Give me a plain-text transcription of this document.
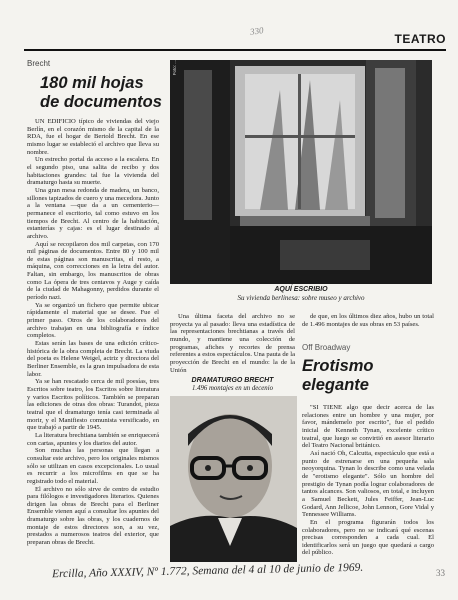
330
TEATRO
Brecht
180 mil hojas de documentos

UN EDIFICIO típico de viviendas del viejo Berlín, en el corazón mismo de la capital de la RDA, fue el hogar de Bertold Brecht. En ese mismo lugar se estableció el archivo que lleva su nombre.

Un estrecho portal da acceso a la escalera. En el segundo piso, una salita de recibo y dos habitaciones grandes: tal fue la vivienda del dramaturgo hasta su muerte.

Una gran mesa redonda de madera, un banco, sillones tapizados de cuero y una mecedora. Junto a la ventana —que da a un cementerio— permanece el escritorio, tal como estuvo en los tiempos de Brecht. Al centro de la habitación, estanterías y cajas: es el lugar destinado al archivo.

Aquí se recopilaron dos mil carpetas, con 170 mil páginas de documentos. Entre 80 y 100 mil de estas páginas son manuscritas, el resto, a máquina, con correcciones en la letra del autor. Faltan, sin embargo, los manuscritos de obras como La ópera de tres centavos y Auge y caída de la ciudad de Mahagonny, perdidos durante el período nazi.

Ya se organizó un fichero que permite ubicar rápidamente el material que se desee. Fue el primer paso. Otros de los colaboradores del archivo trabajan en una bibliografía e índice completos.

Estas serán las bases de una edición crítico-histórica de la obra completa de Brecht. La viuda del poeta es Helene Weigel, actriz y directora del Berliner Ensemble, es la gran impulsadora de esta labor.

Ya se han rescatado cerca de mil poesías, tres Escritos sobre teatro, los Escritos sobre literatura y varios Escritos políticos. También se preparan las ediciones de otras dos obras: Turandot, pieza teatral que el dramaturgo tenía casi terminada al morir, y el Manifiesto comunista versificado, en que trabajó a partir de 1945.

La literatura brechtiana también se enriquecerá con cartas, apuntes y los diarios del autor.

Son muchas las personas que llegan a consultar este archivo, pero los originales mismos sólo se utilizan en casos excepcionales. Lo usual es recurrir a los microfilms en que se ha registrado todo el material.

El archivo no sólo sirve de centro de estudio para filólogos e investigadores literarios. Quienes dirigen las obras de Brecht para el Berliner Ensemble vienen aquí a consultar los apuntes del dramaturgo sobre las obras, y los cuadernos de montaje de estos directores son, a su vez, prestados a numerosos teatros del exterior, que preparan obras de Brecht.

Foto: ...
AQUÍ ESCRIBIO
Su vivienda berlinesa: sobre museo y archivo

Una última faceta del archivo no se proyecta ya al pasado: lleva una estadística de las representaciones brechtianas a través del mundo, y mantiene una colección de programas, afiches y recortes de prensa referentes a estos espectáculos. Una pauta de la proyección de Brecht en el mundo: la de la Unión

de que, en los últimos diez años, hubo un total de 1.496 montajes de sus obras en 53 países.

Off Broadway
Erotismo elegante
DRAMATURGO BRECHT
1.496 montajes en un decenio

"SI TIENE algo que decir acerca de las relaciones entre un hombre y una mujer, por favor, mándemelo por escrito", fue el pedido inicial de Kenneth Tynan, excelente crítico teatral, que luego se convirtió en asesor literario del Teatro Nacional británico.

Así nació Oh, Calcutta, espectáculo que está a punto de estrenarse en una pequeña sala neoyorquina. Tynan lo describe como una velada de "erotismo elegante". Sólo un hombre del prestigio de Tynan podía lograr colaboradores de tantos alcances. Son valiosos, en total, e incluyen a Samuel Beckett, Jules Feiffer, Jean-Luc Godard, Ann Jellicoe, John Lennon, Gore Vidal y Tennessee Williams.

En el programa figurarán todos los colaboradores, pero no se indicará qué escenas precisas corresponden a cada cual. El identificarlos será un juego que quedará a cargo del público.

Ercilla, Año XXXIV, Nº 1.772, Semana del 4 al 10 de junio de 1969.	33
